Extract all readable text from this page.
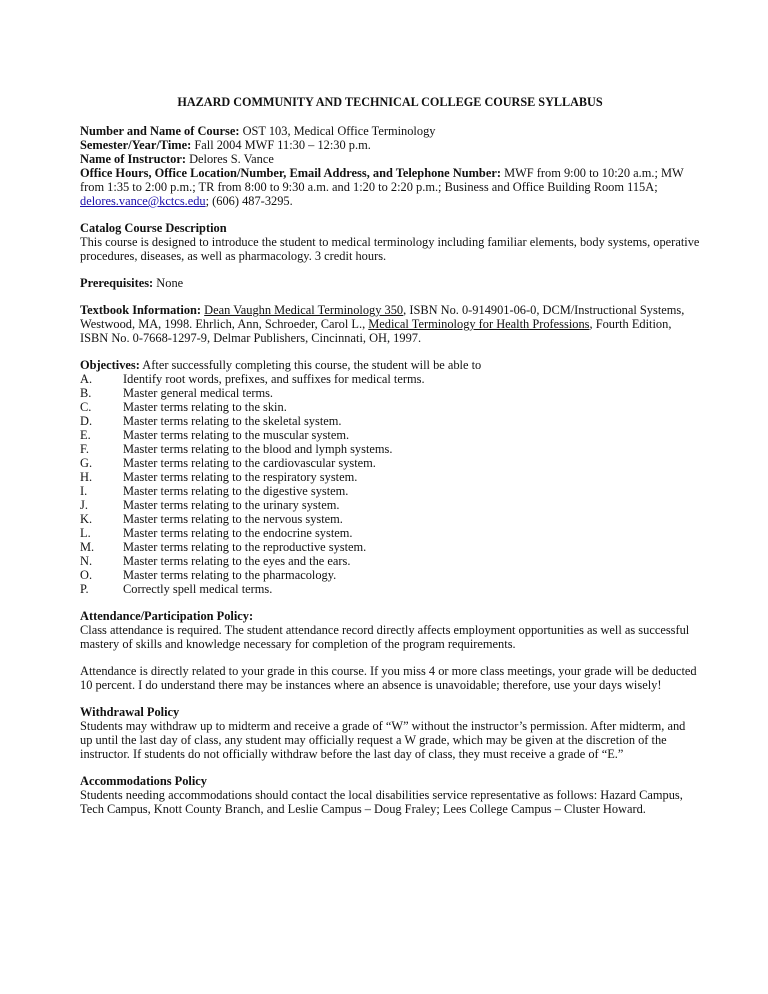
HAZARD COMMUNITY AND TECHNICAL COLLEGE COURSE SYLLABUS

Number and Name of Course: OST 103, Medical Office Terminology

Semester/Year/Time: Fall 2004 MWF 11:30 – 12:30 p.m.

Name of Instructor: Delores S. Vance

Office Hours, Office Location/Number, Email Address, and Telephone Number: MWF from 9:00 to 10:20 a.m.; MW from 1:35 to 2:00 p.m.; TR from 8:00 to 9:30 a.m. and 1:20 to 2:20 p.m.; Business and Office Building Room 115A; delores.vance@kctcs.edu; (606) 487-3295.

Catalog Course Description

This course is designed to introduce the student to medical terminology including familiar elements, body systems, operative procedures, diseases, as well as pharmacology. 3 credit hours.

Prerequisites: None

Textbook Information: Dean Vaughn Medical Terminology 350, ISBN No. 0-914901-06-0, DCM/Instructional Systems, Westwood, MA, 1998. Ehrlich, Ann, Schroeder, Carol L., Medical Terminology for Health Professions, Fourth Edition, ISBN No. 0-7668-1297-9, Delmar Publishers, Cincinnati, OH, 1997.

Objectives: After successfully completing this course, the student will be able to

A.	Identify root words, prefixes, and suffixes for medical terms.
B.	Master general medical terms.
C.	Master terms relating to the skin.
D.	Master terms relating to the skeletal system.
E.	Master terms relating to the muscular system.
F.	Master terms relating to the blood and lymph systems.
G.	Master terms relating to the cardiovascular system.
H.	Master terms relating to the respiratory system.
I.	Master terms relating to the digestive system.
J.	Master terms relating to the urinary system.
K.	Master terms relating to the nervous system.
L.	Master terms relating to the endocrine system.
M.	Master terms relating to the reproductive system.
N.	Master terms relating to the eyes and the ears.
O.	Master terms relating to the pharmacology.
P.	Correctly spell medical terms.

Attendance/Participation Policy:

Class attendance is required. The student attendance record directly affects employment opportunities as well as successful mastery of skills and knowledge necessary for completion of the program requirements.

Attendance is directly related to your grade in this course. If you miss 4 or more class meetings, your grade will be deducted 10 percent. I do understand there may be instances where an absence is unavoidable; therefore, use your days wisely!

Withdrawal Policy

Students may withdraw up to midterm and receive a grade of “W” without the instructor’s permission. After midterm, and up until the last day of class, any student may officially request a W grade, which may be given at the discretion of the instructor. If students do not officially withdraw before the last day of class, they must receive a grade of “E.”

Accommodations Policy

Students needing accommodations should contact the local disabilities service representative as follows: Hazard Campus, Tech Campus, Knott County Branch, and Leslie Campus – Doug Fraley; Lees College Campus – Cluster Howard.
